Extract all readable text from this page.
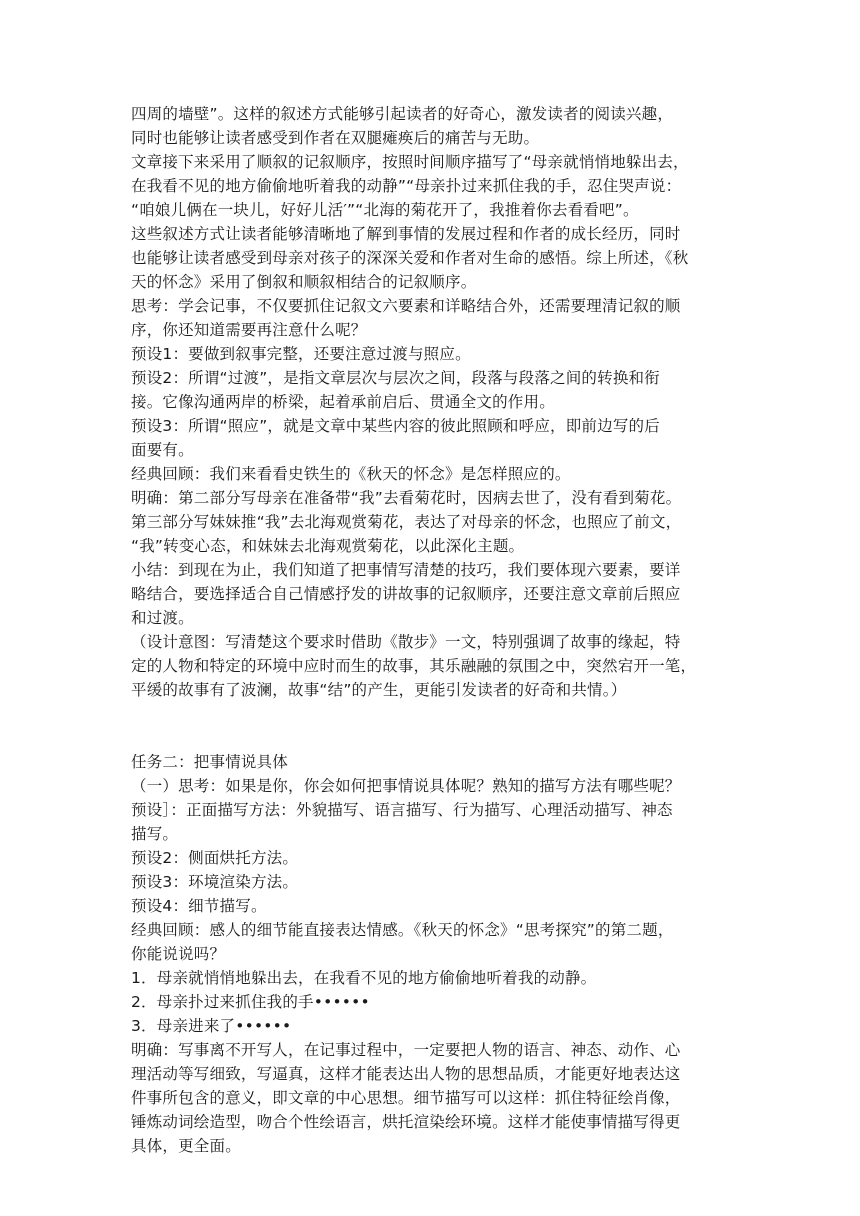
四周的墙壁”。这样的叙述方式能够引起读者的好奇心，激发读者的阅读兴趣，
同时也能够让读者感受到作者在双腿瘫痪后的痛苦与无助。
文章接下来采用了顺叙的记叙顺序，按照时间顺序描写了“母亲就悄悄地躲出去，
在我看不见的地方偷偷地听着我的动静”“母亲扑过来抓住我的手，忍住哭声说：
“咱娘儿俩在一块儿，好好儿活′”“北海的菊花开了，我推着你去看看吧”。
这些叙述方式让读者能够清晰地了解到事情的发展过程和作者的成长经历，同时
也能够让读者感受到母亲对孩子的深深关爱和作者对生命的感悟。综上所述，《秋
天的怀念》采用了倒叙和顺叙相结合的记叙顺序。
思考：学会记事，不仅要抓住记叙文六要素和详略结合外，还需要理清记叙的顺
序，你还知道需要再注意什么呢？
预设1：要做到叙事完整，还要注意过渡与照应。
预设2：所谓“过渡”，是指文章层次与层次之间，段落与段落之间的转换和衔
接。它像沟通两岸的桥梁，起着承前启后、贯通全文的作用。
预设3：所谓“照应”，就是文章中某些内容的彼此照顾和呼应，即前边写的后
面要有。
经典回顾：我们来看看史铁生的《秋天的怀念》是怎样照应的。
明确：第二部分写母亲在准备带“我”去看菊花时，因病去世了，没有看到菊花。
第三部分写妹妹推“我”去北海观赏菊花，表达了对母亲的怀念，也照应了前文，
“我”转变心态，和妹妹去北海观赏菊花，以此深化主题。
小结：到现在为止，我们知道了把事情写清楚的技巧，我们要体现六要素，要详
略结合，要选择适合自己情感抒发的讲故事的记叙顺序，还要注意文章前后照应
和过渡。
（设计意图：写清楚这个要求时借助《散步》一文，特别强调了故事的缘起，特
定的人物和特定的环境中应时而生的故事，其乐融融的氛围之中，突然宕开一笔，
平缓的故事有了波澜，故事“结”的产生，更能引发读者的好奇和共情。）
任务二：把事情说具体
（一）思考：如果是你，你会如何把事情说具体呢？熟知的描写方法有哪些呢？
预设］：正面描写方法：外貌描写、语言描写、行为描写、心理活动描写、神态
描写。
预设2：侧面烘托方法。
预设3：环境渲染方法。
预设4：细节描写。
经典回顾：感人的细节能直接表达情感。《秋天的怀念》“思考探究”的第二题，
你能说说吗？
1．母亲就悄悄地躲出去，在我看不见的地方偷偷地听着我的动静。
2．母亲扑过来抓住我的手••••••
3．母亲进来了••••••
明确：写事离不开写人，在记事过程中，一定要把人物的语言、神态、动作、心
理活动等写细致，写逼真，这样才能表达出人物的思想品质，才能更好地表达这
件事所包含的意义，即文章的中心思想。细节描写可以这样：抓住特征绘肖像，
锤炼动词绘造型，吻合个性绘语言，烘托渲染绘环境。这样才能使事情描写得更
具体，更全面。
